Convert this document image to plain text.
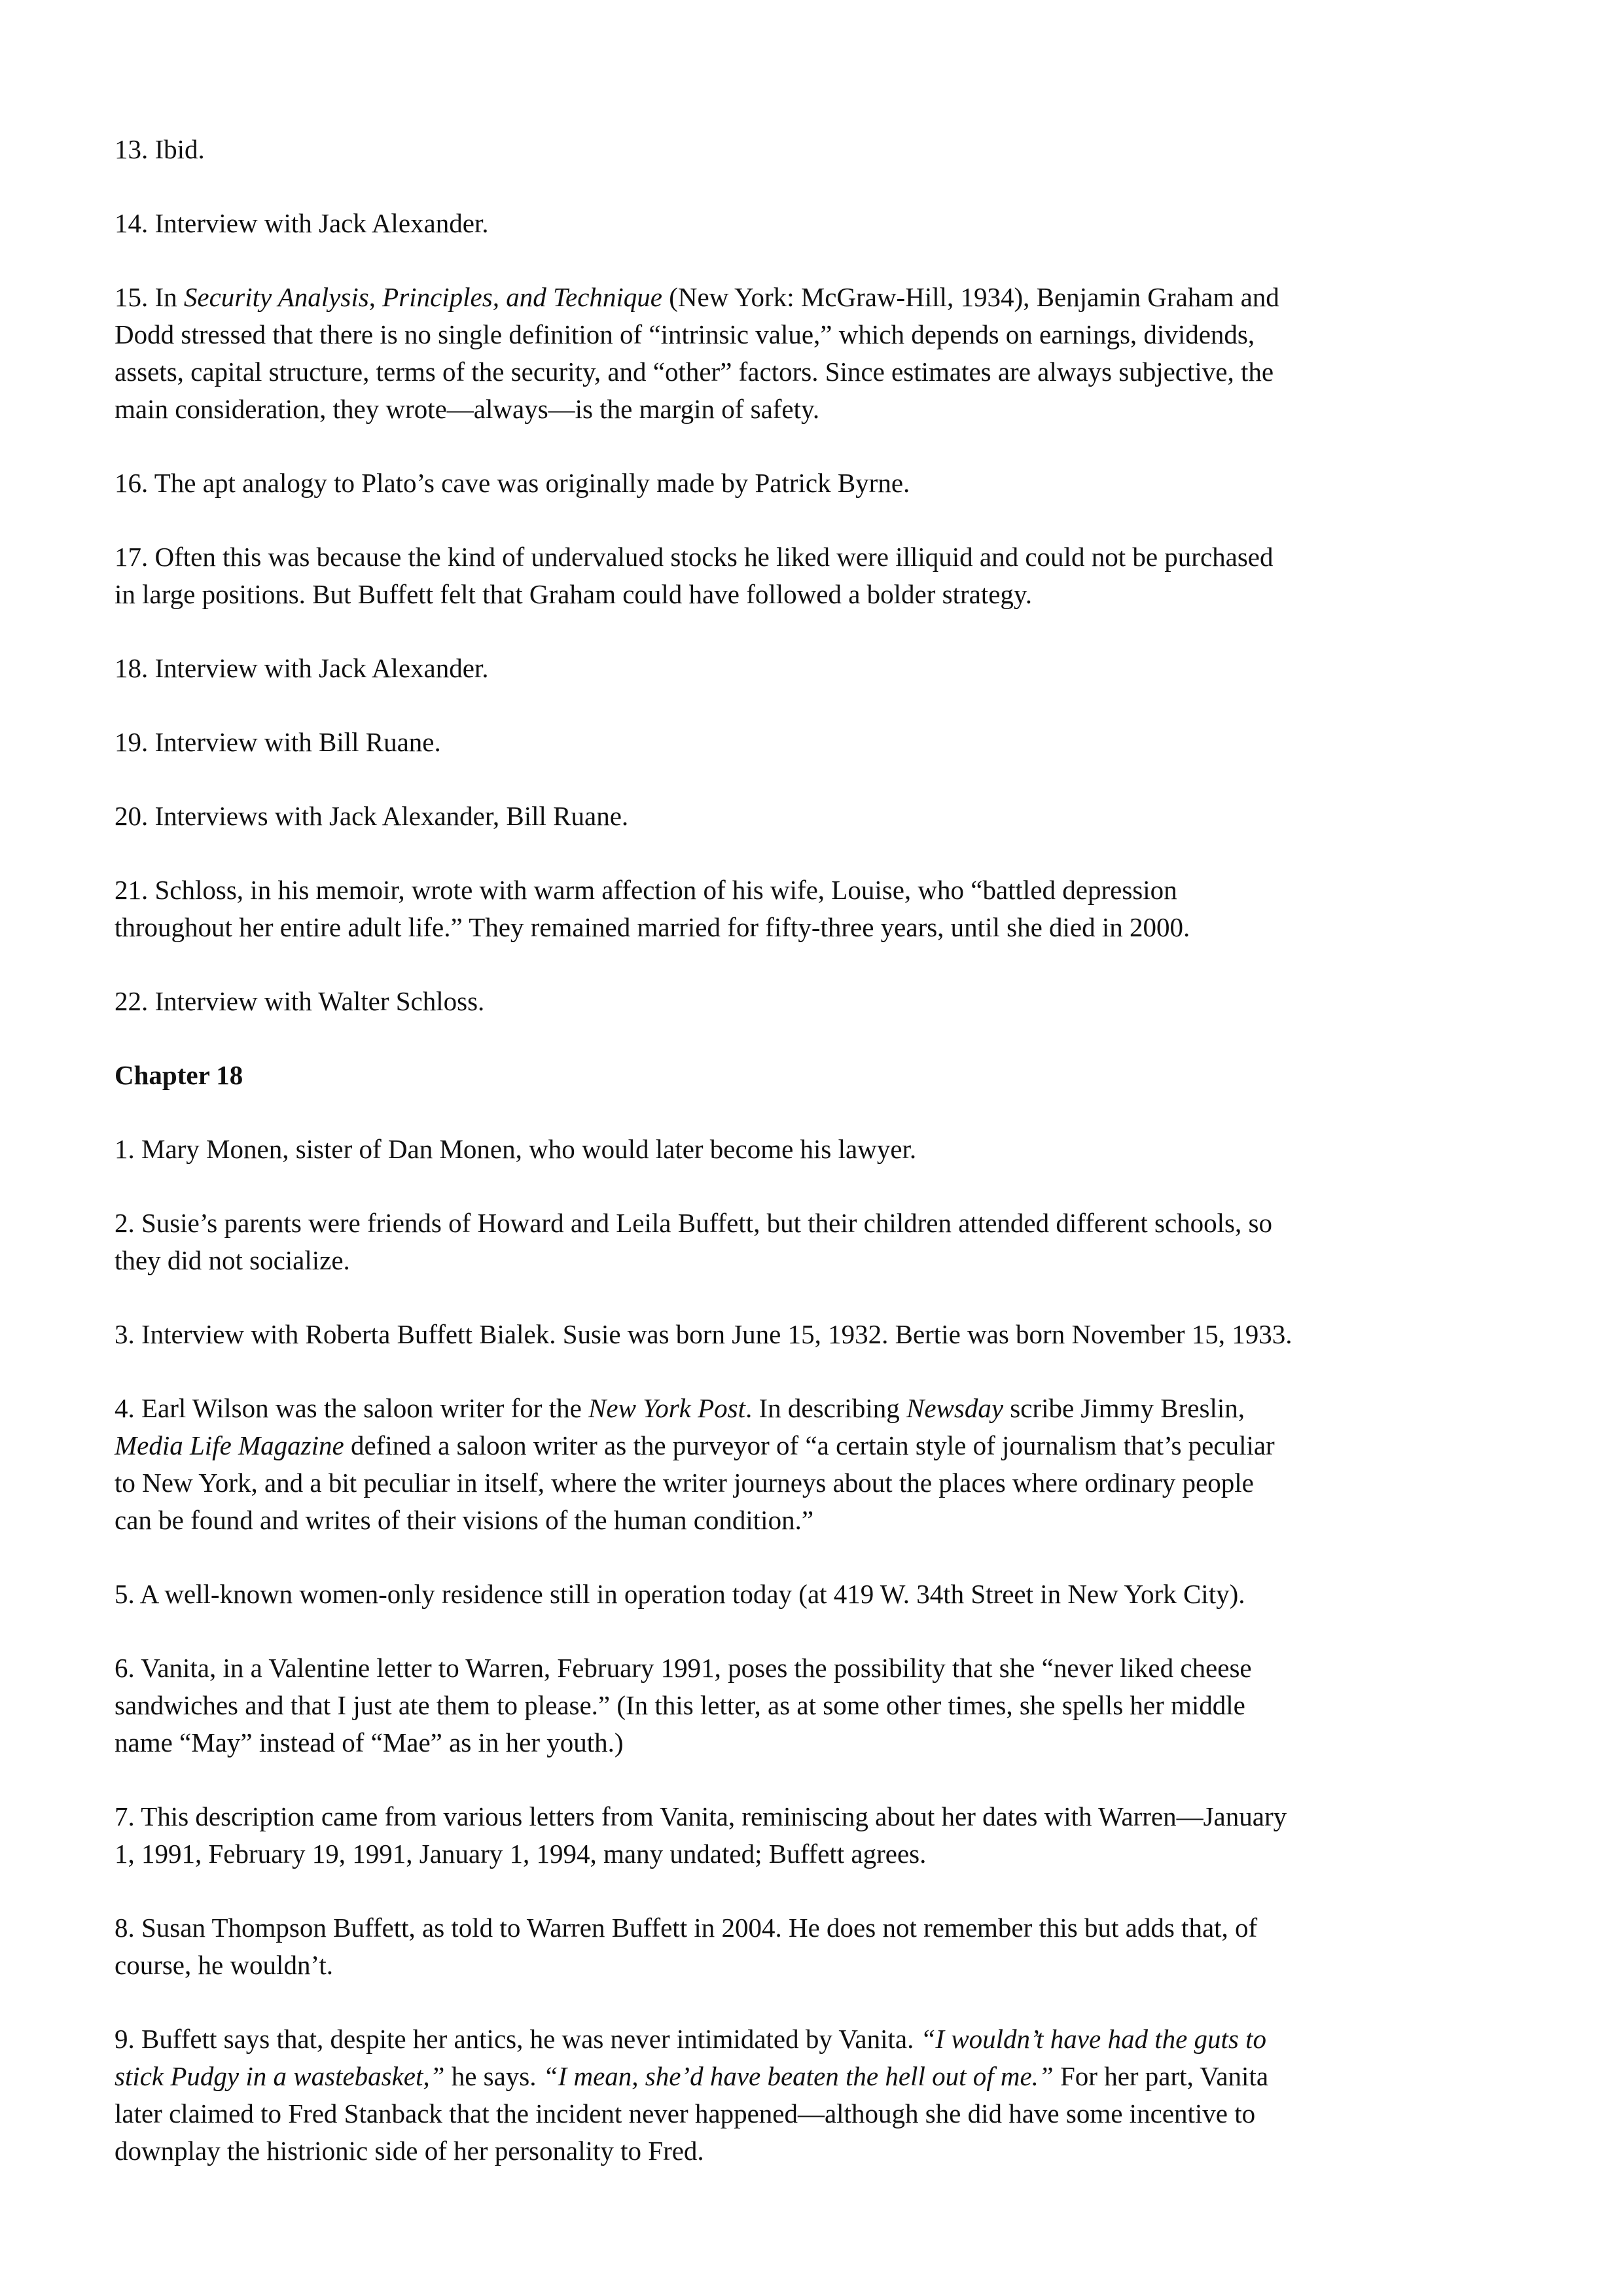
13. Ibid.
14. Interview with Jack Alexander.
15. In Security Analysis, Principles, and Technique (New York: McGraw-Hill, 1934), Benjamin Graham and
Dodd stressed that there is no single definition of “intrinsic value,” which depends on earnings, dividends,
assets, capital structure, terms of the security, and “other” factors. Since estimates are always subjective, the
main consideration, they wrote—always—is the margin of safety.
16. The apt analogy to Plato’s cave was originally made by Patrick Byrne.
17. Often this was because the kind of undervalued stocks he liked were illiquid and could not be purchased
in large positions. But Buffett felt that Graham could have followed a bolder strategy.
18. Interview with Jack Alexander.
19. Interview with Bill Ruane.
20. Interviews with Jack Alexander, Bill Ruane.
21. Schloss, in his memoir, wrote with warm affection of his wife, Louise, who “battled depression
throughout her entire adult life.” They remained married for fifty-three years, until she died in 2000.
22. Interview with Walter Schloss.
Chapter 18
1. Mary Monen, sister of Dan Monen, who would later become his lawyer.
2. Susie’s parents were friends of Howard and Leila Buffett, but their children attended different schools, so
they did not socialize.
3. Interview with Roberta Buffett Bialek. Susie was born June 15, 1932. Bertie was born November 15, 1933.
4. Earl Wilson was the saloon writer for the New York Post. In describing Newsday scribe Jimmy Breslin,
Media Life Magazine defined a saloon writer as the purveyor of “a certain style of journalism that’s peculiar
to New York, and a bit peculiar in itself, where the writer journeys about the places where ordinary people
can be found and writes of their visions of the human condition.”
5. A well-known women-only residence still in operation today (at 419 W. 34th Street in New York City).
6. Vanita, in a Valentine letter to Warren, February 1991, poses the possibility that she “never liked cheese
sandwiches and that I just ate them to please.” (In this letter, as at some other times, she spells her middle
name “May” instead of “Mae” as in her youth.)
7. This description came from various letters from Vanita, reminiscing about her dates with Warren—January
1, 1991, February 19, 1991, January 1, 1994, many undated; Buffett agrees.
8. Susan Thompson Buffett, as told to Warren Buffett in 2004. He does not remember this but adds that, of
course, he wouldn’t.
9. Buffett says that, despite her antics, he was never intimidated by Vanita. “I wouldn’t have had the guts to
stick Pudgy in a wastebasket,” he says. “I mean, she’d have beaten the hell out of me.” For her part, Vanita
later claimed to Fred Stanback that the incident never happened—although she did have some incentive to
downplay the histrionic side of her personality to Fred.
